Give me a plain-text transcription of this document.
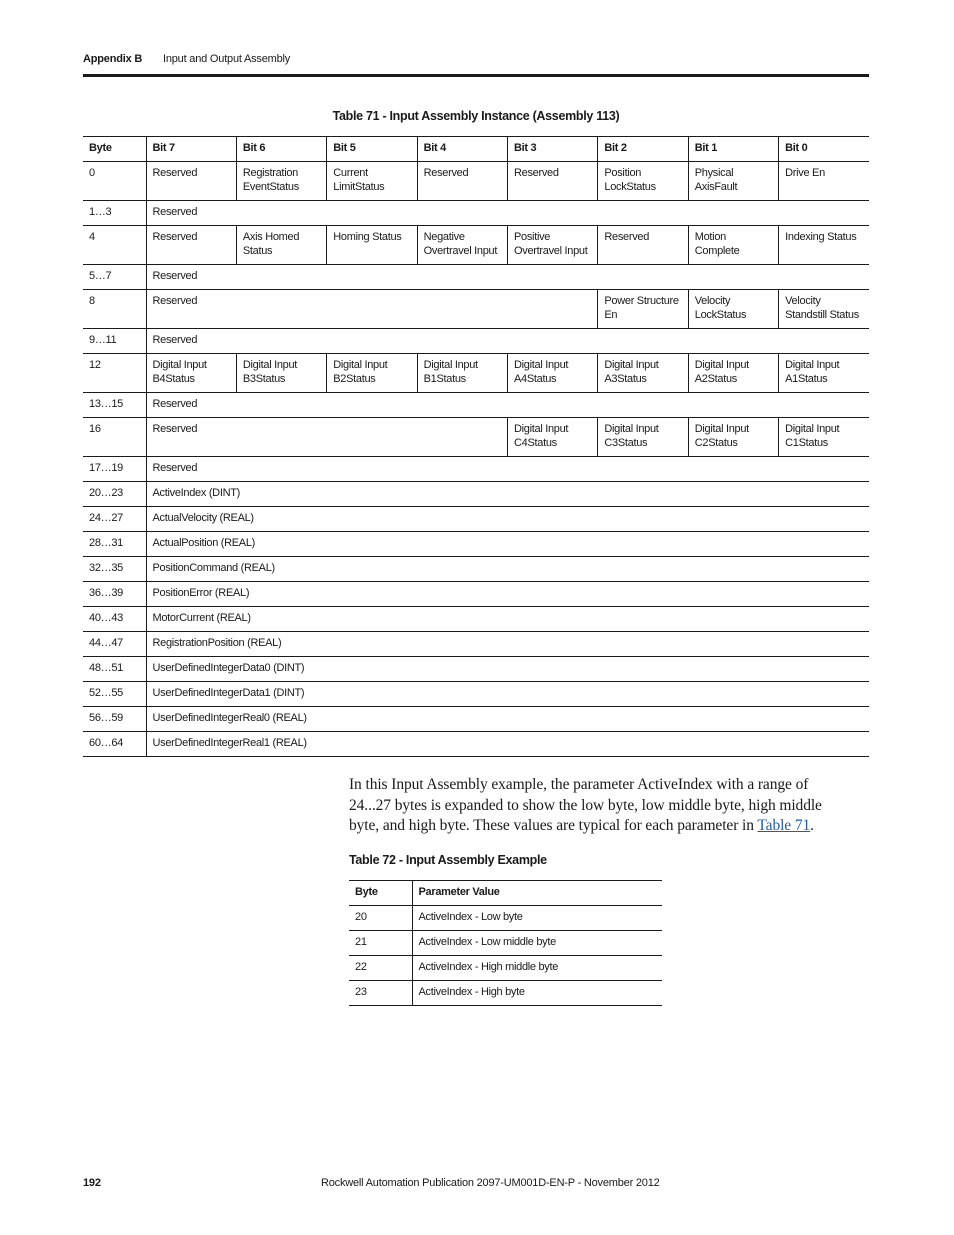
Appendix B Input and Output Assembly
Table 71 - Input Assembly Instance (Assembly 113)
Byte	Bit 7	Bit 6	Bit 5	Bit 4	Bit 3	Bit 2	Bit 1	Bit 0
0	Reserved	Registration EventStatus	Current LimitStatus	Reserved	Reserved	Position LockStatus	Physical AxisFault	Drive En
1…3	Reserved							
4	Reserved	Axis Homed Status	Homing Status	Negative Overtravel Input	Positive Overtravel Input	Reserved	Motion Complete	Indexing Status
5…7	Reserved							
8	Reserved					Power Structure En	Velocity LockStatus	Velocity Standstill Status
9…11	Reserved							
12	Digital Input B4Status	Digital Input B3Status	Digital Input B2Status	Digital Input B1Status	Digital Input A4Status	Digital Input A3Status	Digital Input A2Status	Digital Input A1Status
13…15	Reserved							
16	Reserved				Digital Input C4Status	Digital Input C3Status	Digital Input C2Status	Digital Input C1Status
17…19	Reserved							
20…23	ActiveIndex (DINT)							
24…27	ActualVelocity (REAL)							
28…31	ActualPosition (REAL)							
32…35	PositionCommand (REAL)							
36…39	PositionError (REAL)							
40…43	MotorCurrent (REAL)							
44…47	RegistrationPosition (REAL)							
48…51	UserDefinedIntegerData0 (DINT)							
52…55	UserDefinedIntegerData1 (DINT)							
56…59	UserDefinedIntegerReal0 (REAL)							
60…64	UserDefinedIntegerReal1 (REAL)							
In this Input Assembly example, the parameter ActiveIndex with a range of 24...27 bytes is expanded to show the low byte, low middle byte, high middle byte, and high byte. These values are typical for each parameter in Table 71.
Table 72 - Input Assembly Example
Byte	Parameter Value
20	ActiveIndex - Low byte
21	ActiveIndex - Low middle byte
22	ActiveIndex - High middle byte
23	ActiveIndex - High byte
192	Rockwell Automation Publication 2097-UM001D-EN-P - November 2012
